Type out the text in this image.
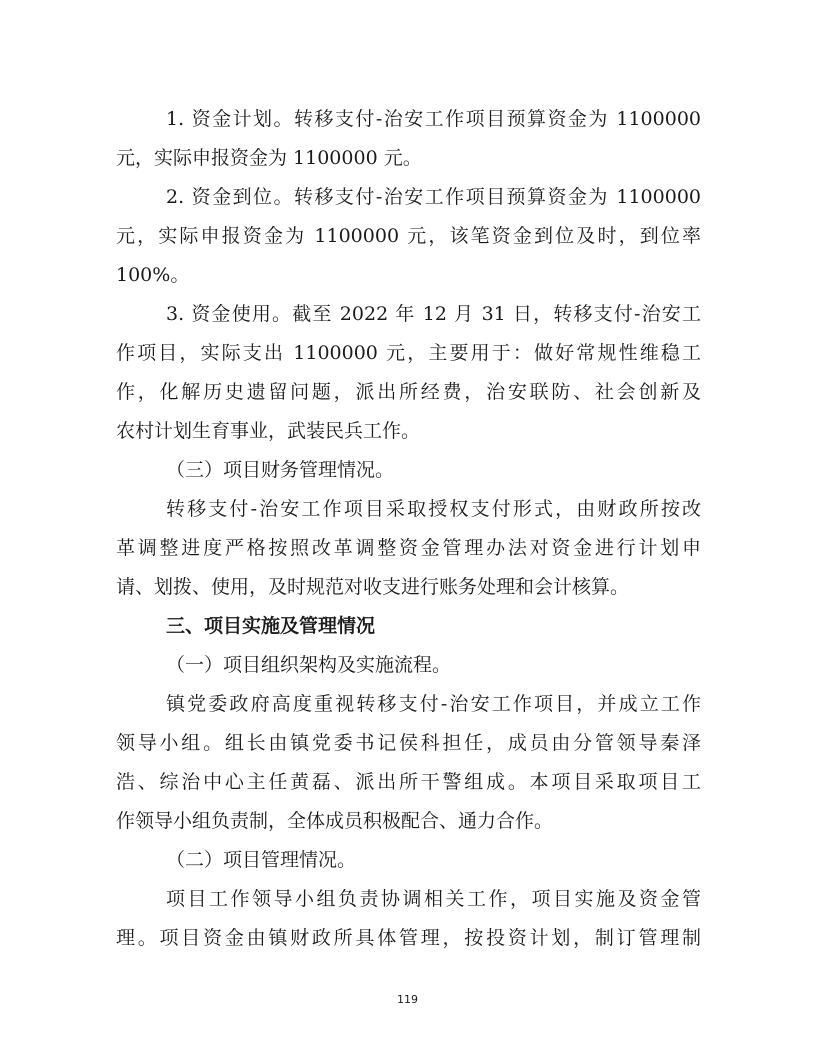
1. 资金计划。转移支付-治安工作项目预算资金为 1100000
元，实际申报资金为 1100000 元。
2. 资金到位。转移支付-治安工作项目预算资金为 1100000
元，实际申报资金为 1100000 元，该笔资金到位及时，到位率
100%。
3. 资金使用。截至 2022 年 12 月 31 日，转移支付-治安工
作项目，实际支出 1100000 元，主要用于：做好常规性维稳工
作，化解历史遗留问题，派出所经费，治安联防、社会创新及
农村计划生育事业，武装民兵工作。
（三）项目财务管理情况。
转移支付-治安工作项目采取授权支付形式，由财政所按改
革调整进度严格按照改革调整资金管理办法对资金进行计划申
请、划拨、使用，及时规范对收支进行账务处理和会计核算。
三、项目实施及管理情况
（一）项目组织架构及实施流程。
镇党委政府高度重视转移支付-治安工作项目，并成立工作
领导小组。组长由镇党委书记侯科担任，成员由分管领导秦泽
浩、综治中心主任黄磊、派出所干警组成。本项目采取项目工
作领导小组负责制，全体成员积极配合、通力合作。
（二）项目管理情况。
项目工作领导小组负责协调相关工作，项目实施及资金管
理。项目资金由镇财政所具体管理，按投资计划，制订管理制
119
